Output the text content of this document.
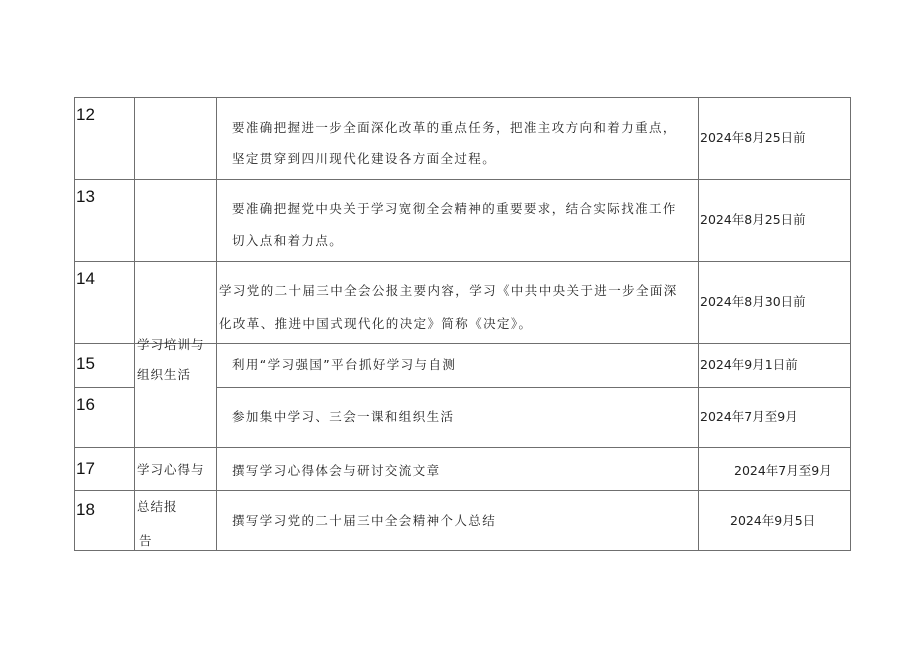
12
13
14
15
16
17
18
学习培训与
组织生活
学习心得与
总结报
告
要准确把握进一步全面深化改革的重点任务，把准主攻方向和着力重点，
坚定贯穿到四川现代化建设各方面全过程。
要准确把握党中央关于学习宽彻全会精神的重要要求，结合实际找准工作
切入点和着力点。
学习党的二十届三中全会公报主要内容，学习《中共中央关于进一步全面深
化改革、推进中国式现代化的决定》简称《决定》。
利用“学习强国”平台抓好学习与自测
参加集中学习、三会一课和组织生活
撰写学习心得体会与研讨交流文章
撰写学习党的二十届三中全会精神个人总结
2024年8月25日前
2024年8月25日前
2024年8月30日前
2024年9月1日前
2024年7月至9月
2024年7月至9月
2024年9月5日
